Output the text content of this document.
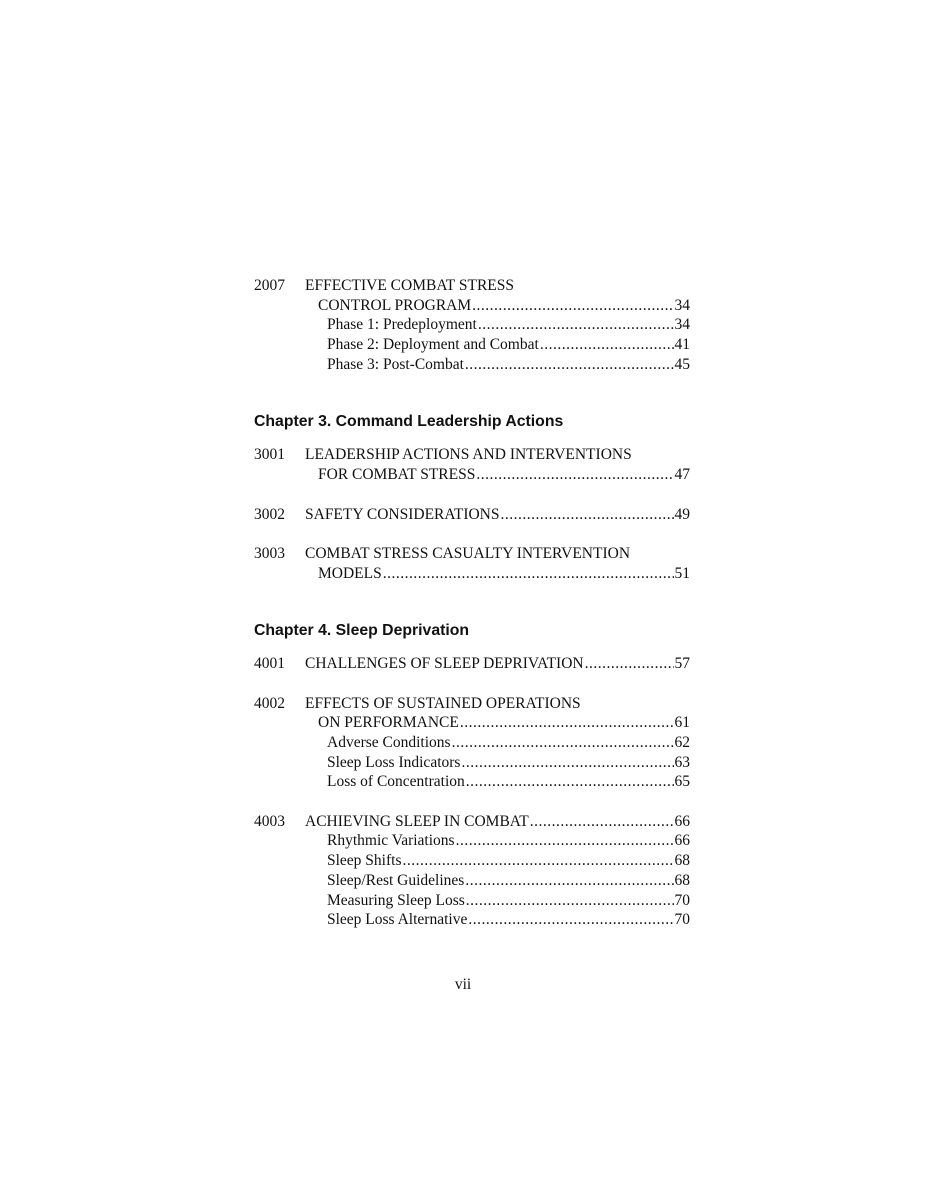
2007	EFFECTIVE COMBAT STRESS
CONTROL PROGRAM .....	34
Phase 1: Predeployment .....	34
Phase 2: Deployment and Combat .....	41
Phase 3: Post-Combat .....	45
Chapter 3. Command Leadership Actions
3001	LEADERSHIP ACTIONS AND INTERVENTIONS
FOR COMBAT STRESS .....	47
3002	SAFETY CONSIDERATIONS .....	49
3003	COMBAT STRESS CASUALTY INTERVENTION
MODELS .....	51
Chapter 4. Sleep Deprivation
4001	CHALLENGES OF SLEEP DEPRIVATION .....	57
4002	EFFECTS OF SUSTAINED OPERATIONS
ON PERFORMANCE .....	61
Adverse Conditions .....	62
Sleep Loss Indicators .....	63
Loss of Concentration .....	65
4003	ACHIEVING SLEEP IN COMBAT .....	66
Rhythmic Variations .....	66
Sleep Shifts .....	68
Sleep/Rest Guidelines .....	68
Measuring Sleep Loss .....	70
Sleep Loss Alternative .....	70
vii
